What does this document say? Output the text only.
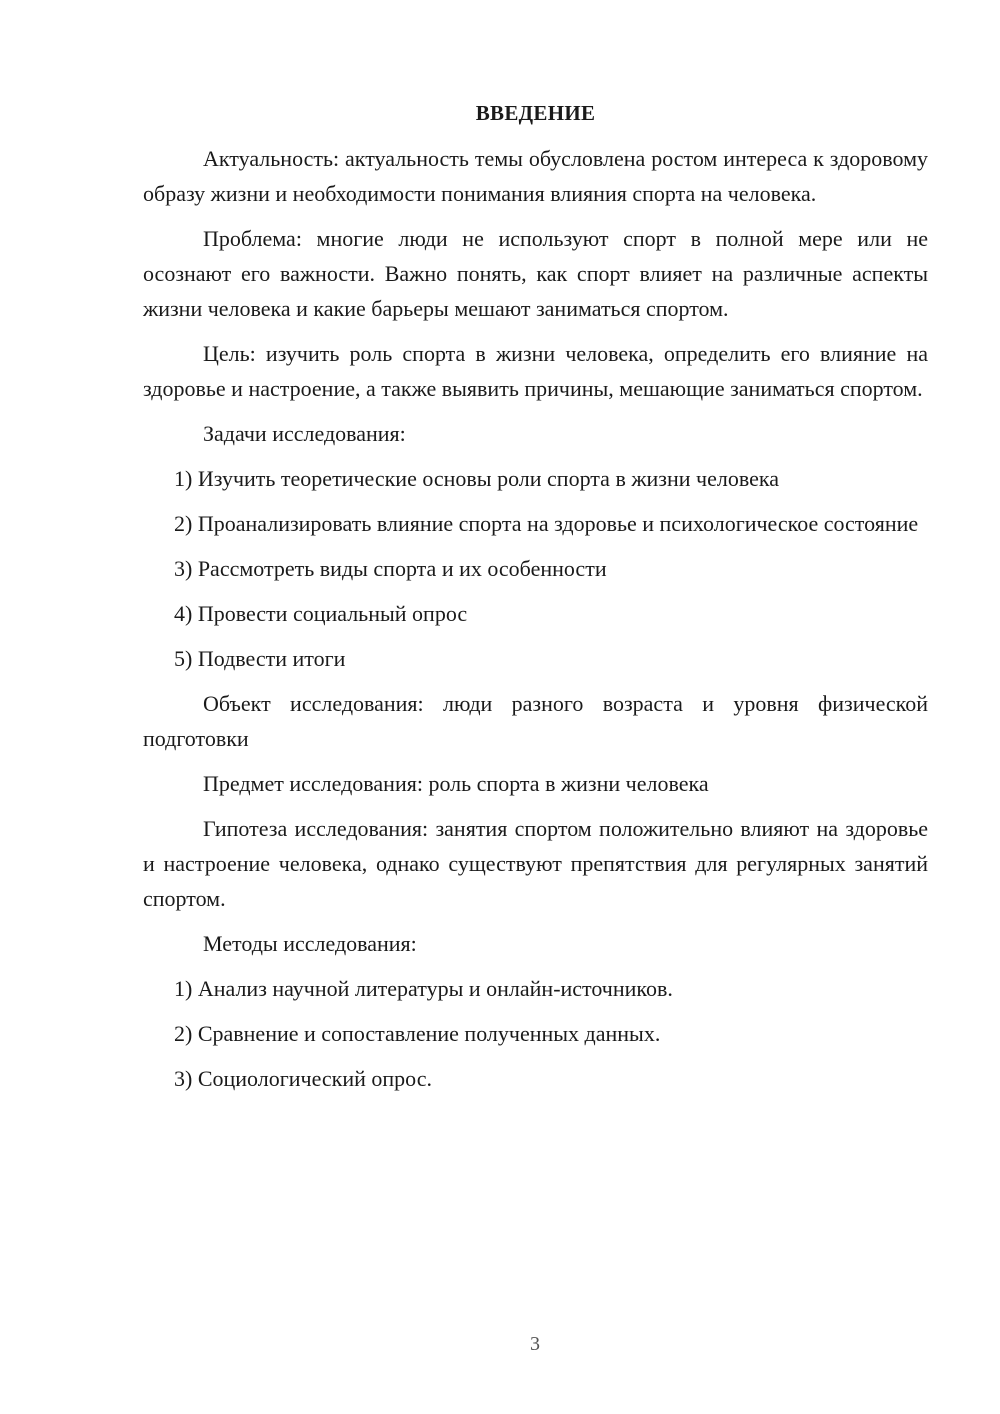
ВВЕДЕНИЕ

Актуальность: актуальность темы обусловлена ростом интереса к здоровому образу жизни и необходимости понимания влияния спорта на человека.

Проблема: многие люди не используют спорт в полной мере или не осознают его важности. Важно понять, как спорт влияет на различные аспекты жизни человека и какие барьеры мешают заниматься спортом.

Цель: изучить роль спорта в жизни человека, определить его влияние на здоровье и настроение, а также выявить причины, мешающие заниматься спортом.

Задачи исследования:

1) Изучить теоретические основы роли спорта в жизни человека

2) Проанализировать влияние спорта на здоровье и психологическое состояние

3) Рассмотреть виды спорта и их особенности

4) Провести социальный опрос

5) Подвести итоги

Объект исследования: люди разного возраста и уровня физической подготовки

Предмет исследования: роль спорта в жизни человека

Гипотеза исследования: занятия спортом положительно влияют на здоровье и настроение человека, однако существуют препятствия для регулярных занятий спортом.

Методы исследования:

1) Анализ научной литературы и онлайн-источников.

2) Сравнение и сопоставление полученных данных.

3) Социологический опрос.

3
